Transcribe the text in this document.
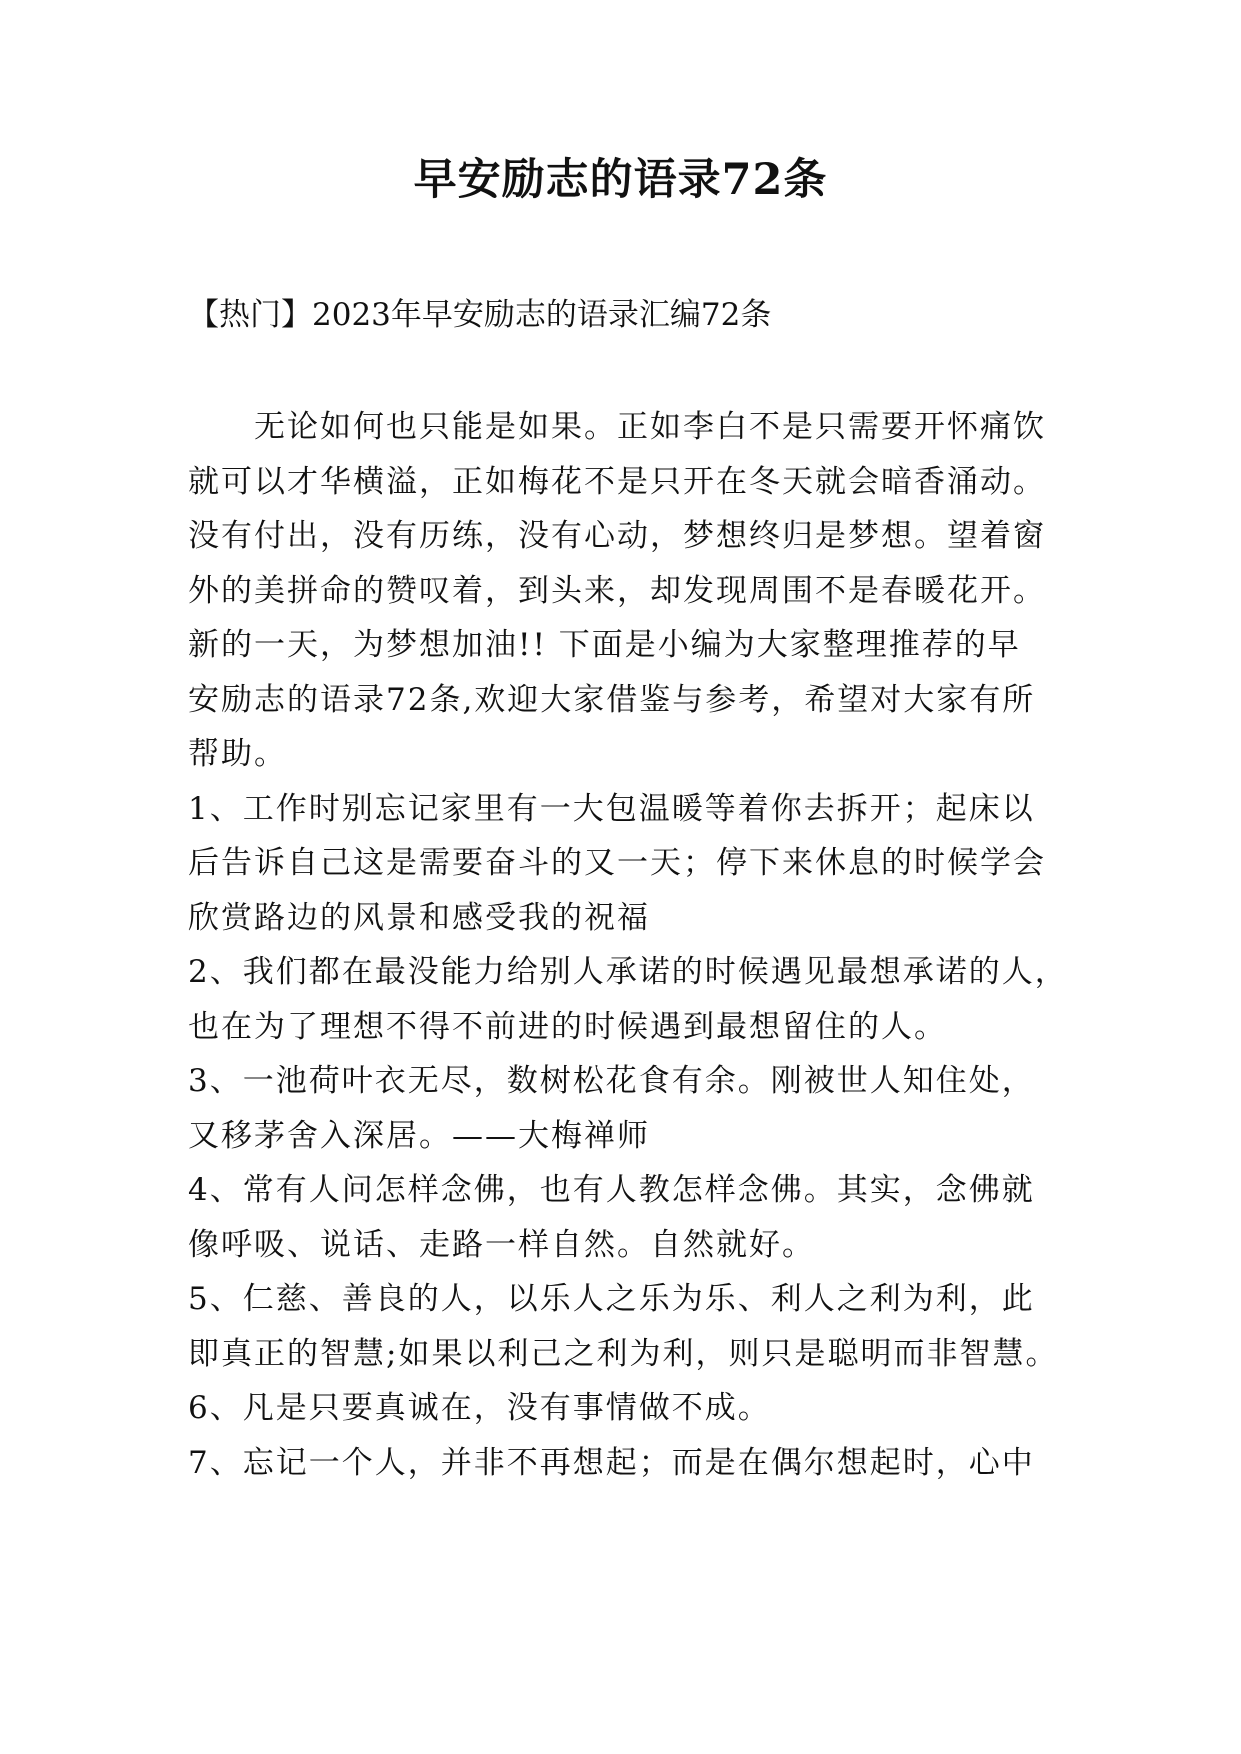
早安励志的语录72条
【热门】2023年早安励志的语录汇编72条
无论如何也只能是如果。正如李白不是只需要开怀痛饮
就可以才华横溢，正如梅花不是只开在冬天就会暗香涌动。
没有付出，没有历练，没有心动，梦想终归是梦想。望着窗
外的美拼命的赞叹着，到头来，却发现周围不是春暖花开。
新的一天，为梦想加油!! 下面是小编为大家整理推荐的早
安励志的语录72条,欢迎大家借鉴与参考，希望对大家有所
帮助。
1、工作时别忘记家里有一大包温暖等着你去拆开；起床以
后告诉自己这是需要奋斗的又一天；停下来休息的时候学会
欣赏路边的风景和感受我的祝福
2、我们都在最没能力给别人承诺的时候遇见最想承诺的人，
也在为了理想不得不前进的时候遇到最想留住的人。
3、一池荷叶衣无尽，数树松花食有余。刚被世人知住处，
又移茅舍入深居。——大梅禅师
4、常有人问怎样念佛，也有人教怎样念佛。其实，念佛就
像呼吸、说话、走路一样自然。自然就好。
5、仁慈、善良的人，以乐人之乐为乐、利人之利为利，此
即真正的智慧;如果以利己之利为利，则只是聪明而非智慧。
6、凡是只要真诚在，没有事情做不成。
7、忘记一个人，并非不再想起；而是在偶尔想起时，心中
